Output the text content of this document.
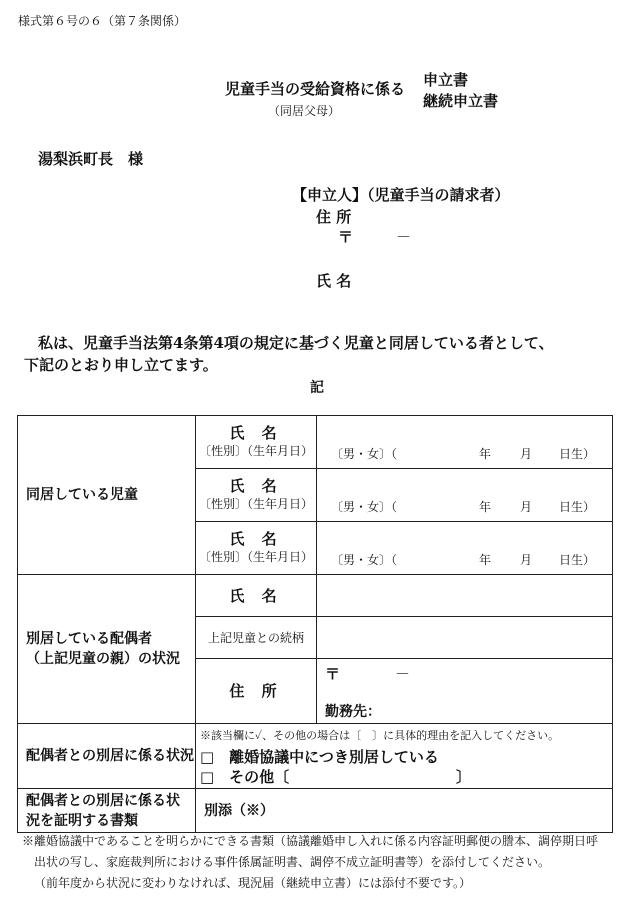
様式第６号の６（第７条関係）
児童手当の受給資格に係る 申立書
継続申立書
（同居父母）
湯梨浜町長　様
【申立人】（児童手当の請求者）
住 所
〒	－
氏 名
私は、児童手当法第4条第4項の規定に基づく児童と同居している者として、
下記のとおり申し立てます。
記
同居している児童	氏 名
〔性別〕（生年月日）	〔男・女〕（ 年 月 日生）

	氏 名
〔性別〕（生年月日）	〔男・女〕（ 年 月 日生）

	氏 名
〔性別〕（生年月日）	〔男・女〕（ 年 月 日生）

別居している配偶者
（上記児童の親）の状況	氏 名	

	上記児童との続柄	

	住 所	〒 －
勤務先：

配偶者との別居に係る状況	※該当欄に✓、その他の場合は〔　〕に具体的理由を記入してください。
□　離婚協議中につき別居している
□　その他〔 〕	

配偶者との別居に係る状
況を証明する書類	別添（※）	
※離婚協議中であることを明らかにできる書類（協議離婚申し入れに係る内容証明郵便の謄本、調停期日呼
出状の写し、家庭裁判所における事件係属証明書、調停不成立証明書等）を添付してください。
（前年度から状況に変わりなければ、現況届（継続申立書）には添付不要です。）
